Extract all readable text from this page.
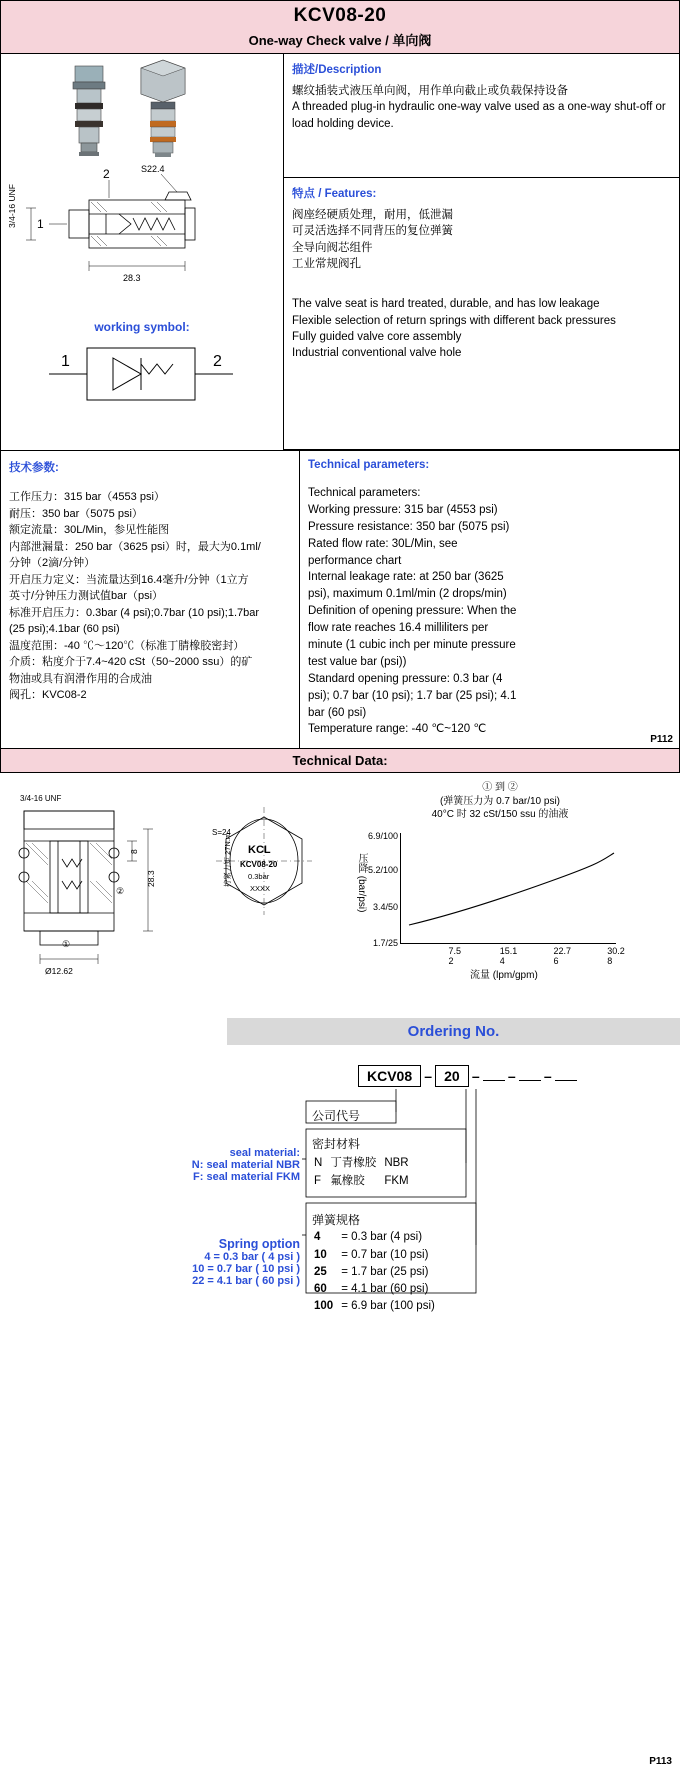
KCV08-20
One-way Check valve / 单向阀
S22.4
2
1
3/4-16 UNF
28.3
working symbol:
1	2
描述/Description

螺纹插装式液压单向阀，用作单向截止或负载保持设备

A threaded plug-in hydraulic one-way valve used as a one-way shut-off or load holding device.

特点 / Features:

阀座经硬质处理，耐用，低泄漏

可灵活选择不同背压的复位弹簧

全导向阀芯组件

工业常规阀孔

The valve seat is hard treated, durable, and has low leakage

Flexible selection of return springs with different back pressures

Fully guided valve core assembly

Industrial conventional valve hole

技术参数:
工作压力：315 bar（4553 psi）
耐压：350 bar（5075 psi）
额定流量：30L/Min，参见性能图
内部泄漏量：250 bar（3625 psi）时，最大为0.1ml/
分钟（2滴/分钟）
开启压力定义：当流量达到16.4毫升/分钟（1立方
英寸/分钟压力测试值bar（psi）
标准开启压力：0.3bar (4 psi);0.7bar (10 psi);1.7bar
(25 psi);4.1bar (60 psi)
温度范围：-40 ℃～120℃（标准丁腈橡胶密封）
介质：粘度介于7.4~420 cSt（50~2000 ssu）的矿
物油或具有润滑作用的合成油
阀孔：KVC08-2
Technical parameters:
Technical parameters:
Working pressure: 315 bar (4553 psi)
Pressure resistance: 350 bar (5075 psi)
Rated flow rate: 30L/Min, see
performance chart
Internal leakage rate: at 250 bar (3625
psi), maximum 0.1ml/min (2 drops/min)
Definition of opening pressure: When the
flow rate reaches 16.4 milliliters per
minute (1 cubic inch per minute pressure
test value bar (psi))
Standard opening pressure: 0.3 bar (4
psi); 0.7 bar (10 psi); 1.7 bar (25 psi); 4.1
bar (60 psi)
Temperature range: -40 ℃~120 ℃
P112
Technical Data:
3/4-16 UNF
8
28.3
Ø12.62
①
②
KCL
KCV08-20
0.3bar
XXXX
S=24
拧紧力矩 27N.m
① 到 ②
(弹簧压力为 0.7 bar/10 psi)
40°C 时 32 cSt/150 ssu 的油液
压降 (bar/psi)
1.7/25
3.4/50
5.2/100
6.9/100
7.5
2
15.1
4
22.7
6
30.2
8
流量 (lpm/gpm)
Ordering No.
KCV08 – 20 – – –
公司代号
密封材料
N	丁青橡胶	NBR
F	氟橡胶	FKM
弹簧规格
4	= 0.3 bar (4 psi)
10	= 0.7 bar (10 psi)
25	= 1.7 bar (25 psi)
60	= 4.1 bar (60 psi)
100	= 6.9 bar (100 psi)
seal material:
N: seal material NBR
F: seal material FKM
Spring option
4 = 0.3 bar ( 4 psi )
10 = 0.7 bar ( 10 psi )
22 = 4.1 bar ( 60 psi )
P113
